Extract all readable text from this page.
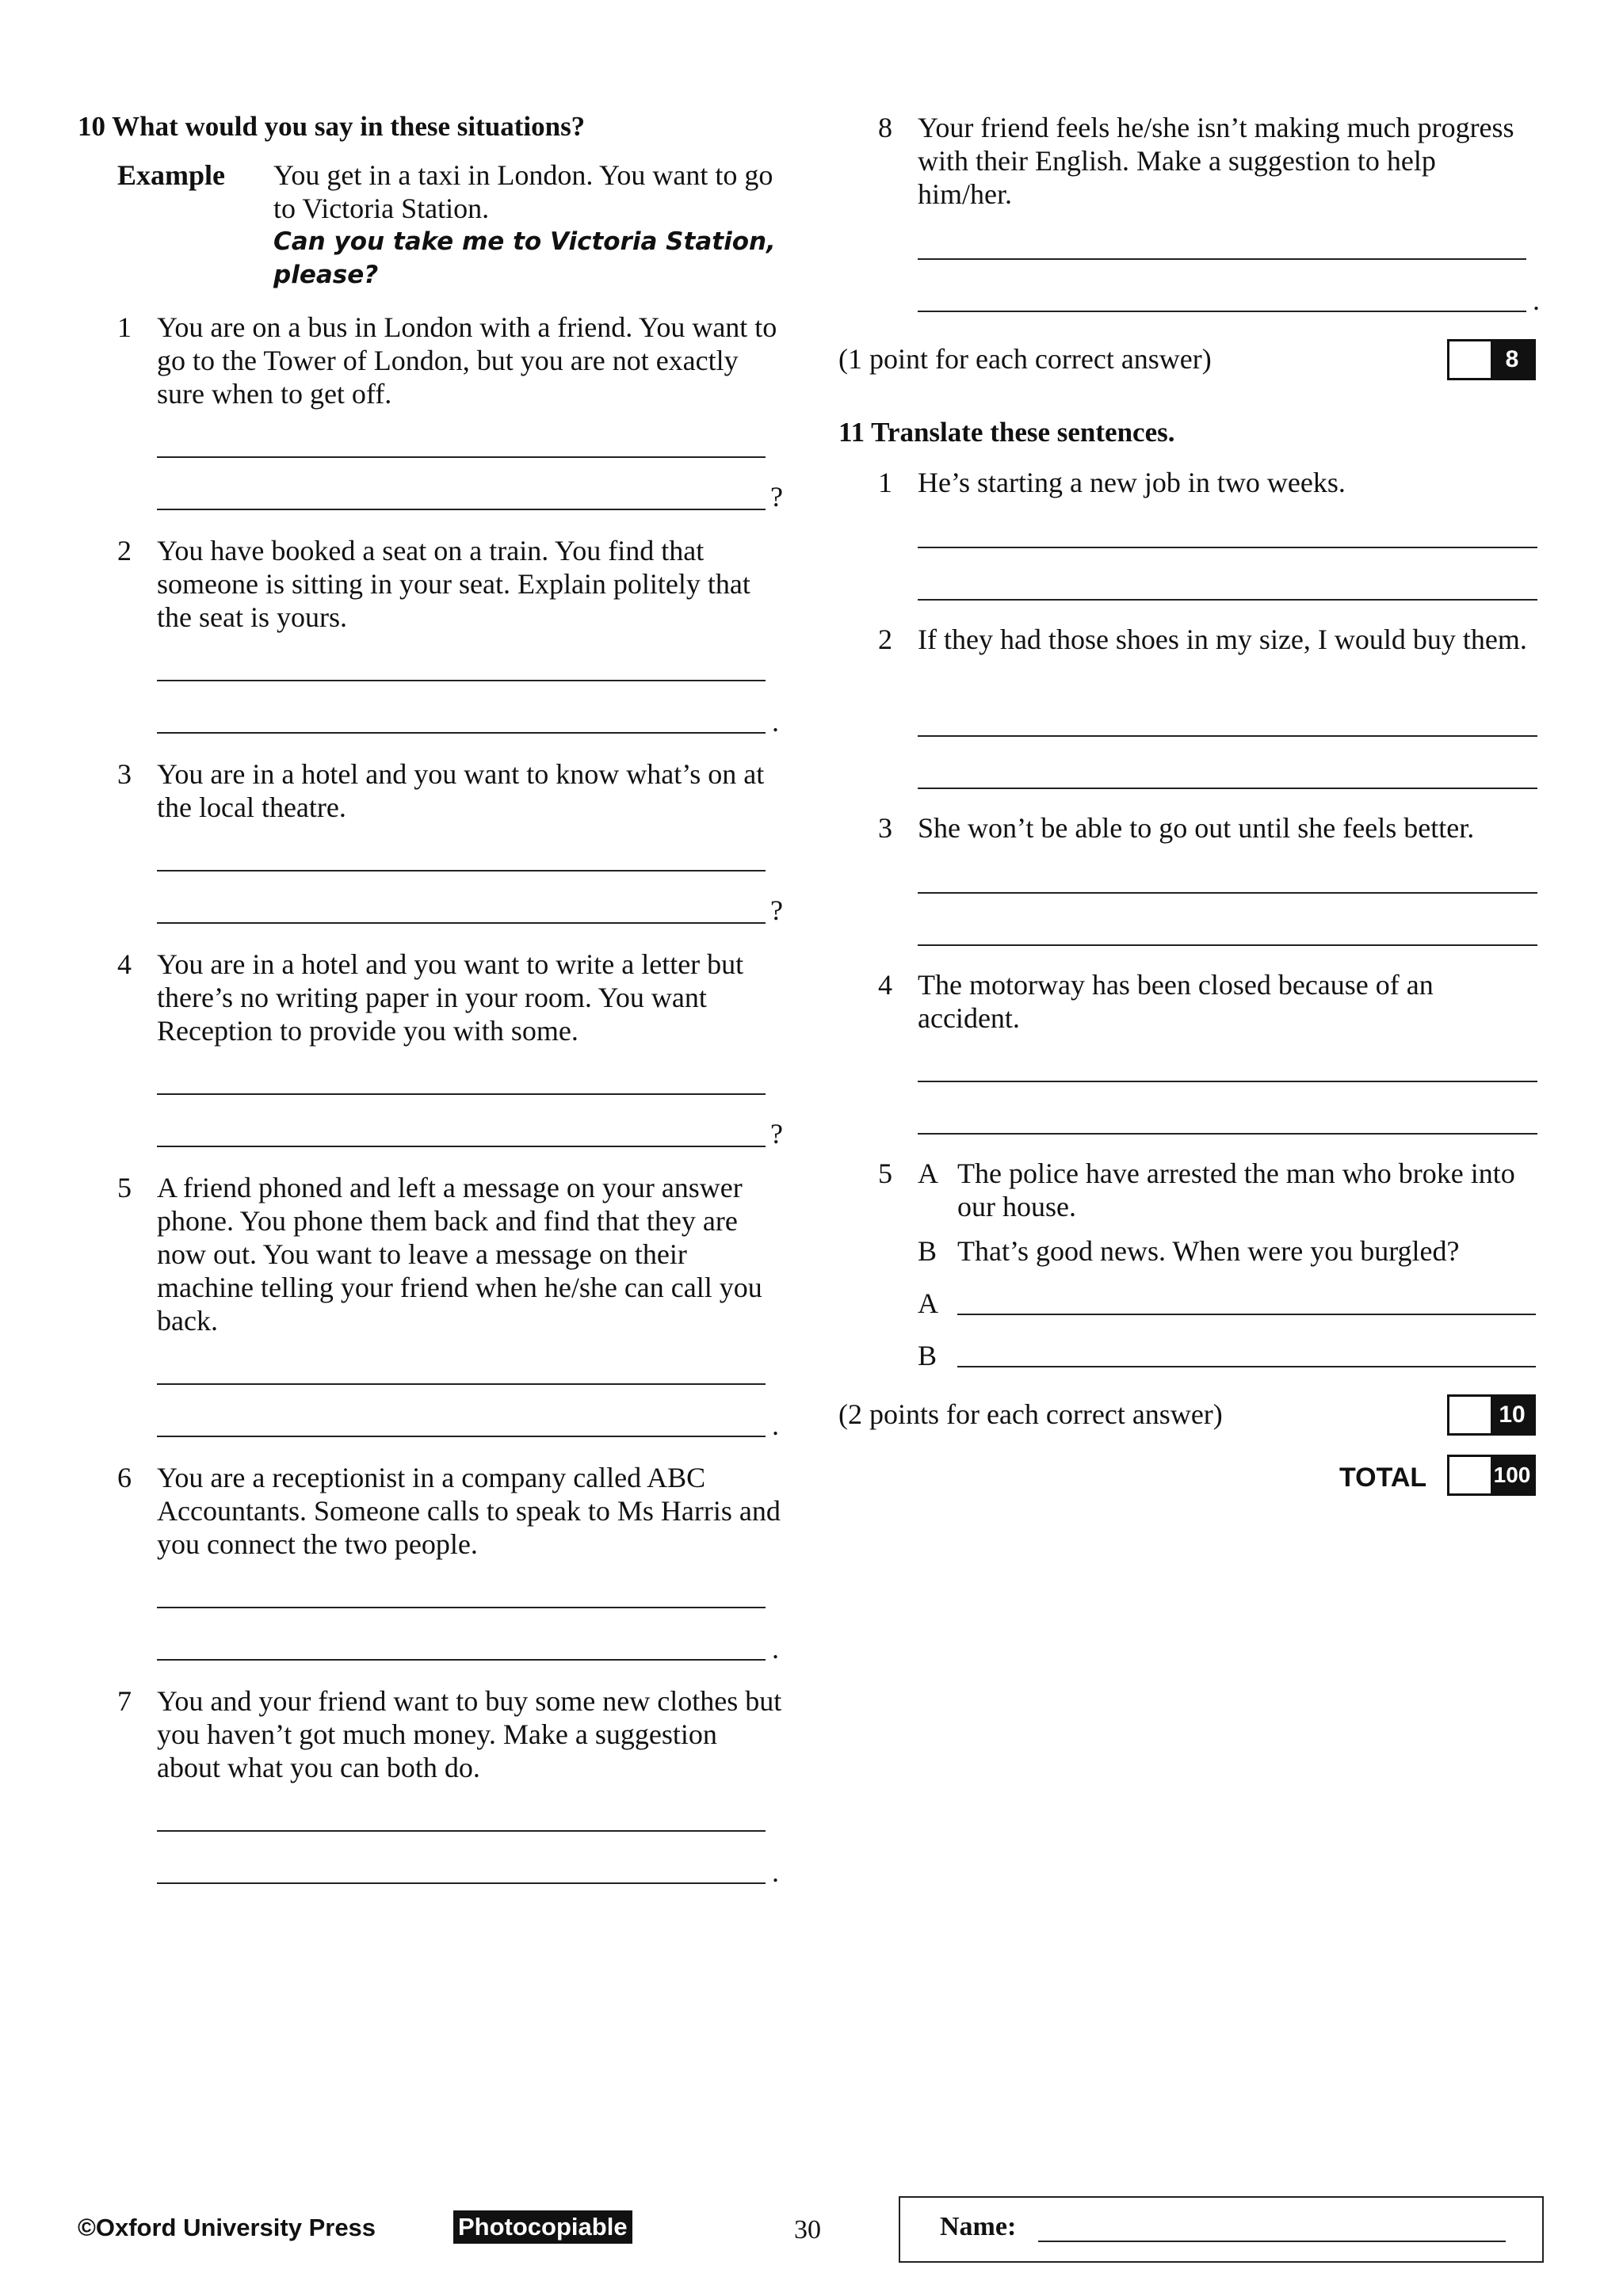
10 What would you say in these situations?
Example You get in a taxi in London. You want to go to Victoria Station.
Can you take me to Victoria Station, please?
1 You are on a bus in London with a friend. You want to go to the Tower of London, but you are not exactly sure when to get off.
?
2 You have booked a seat on a train. You find that someone is sitting in your seat. Explain politely that the seat is yours.
.
3 You are in a hotel and you want to know what’s on at the local theatre.
?
4 You are in a hotel and you want to write a letter but there’s no writing paper in your room. You want Reception to provide you with some.
?
5 A friend phoned and left a message on your answer phone. You phone them back and find that they are now out. You want to leave a message on their machine telling your friend when he/she can call you back.
.
6 You are a receptionist in a company called ABC Accountants. Someone calls to speak to Ms Harris and you connect the two people.
.
7 You and your friend want to buy some new clothes but you haven’t got much money. Make a suggestion about what you can both do.
.
8 Your friend feels he/she isn’t making much progress with their English. Make a suggestion to help him/her.
.
(1 point for each correct answer)	8
11 Translate these sentences.
1 He’s starting a new job in two weeks.
2 If they had those shoes in my size, I would buy them.
3 She won’t be able to go out until she feels better.
4 The motorway has been closed because of an accident.
5 A The police have arrested the man who broke into our house.
B That’s good news. When were you burgled?
A
B
(2 points for each correct answer)	10
TOTAL	100
©Oxford University Press	Photocopiable	30	Name:
